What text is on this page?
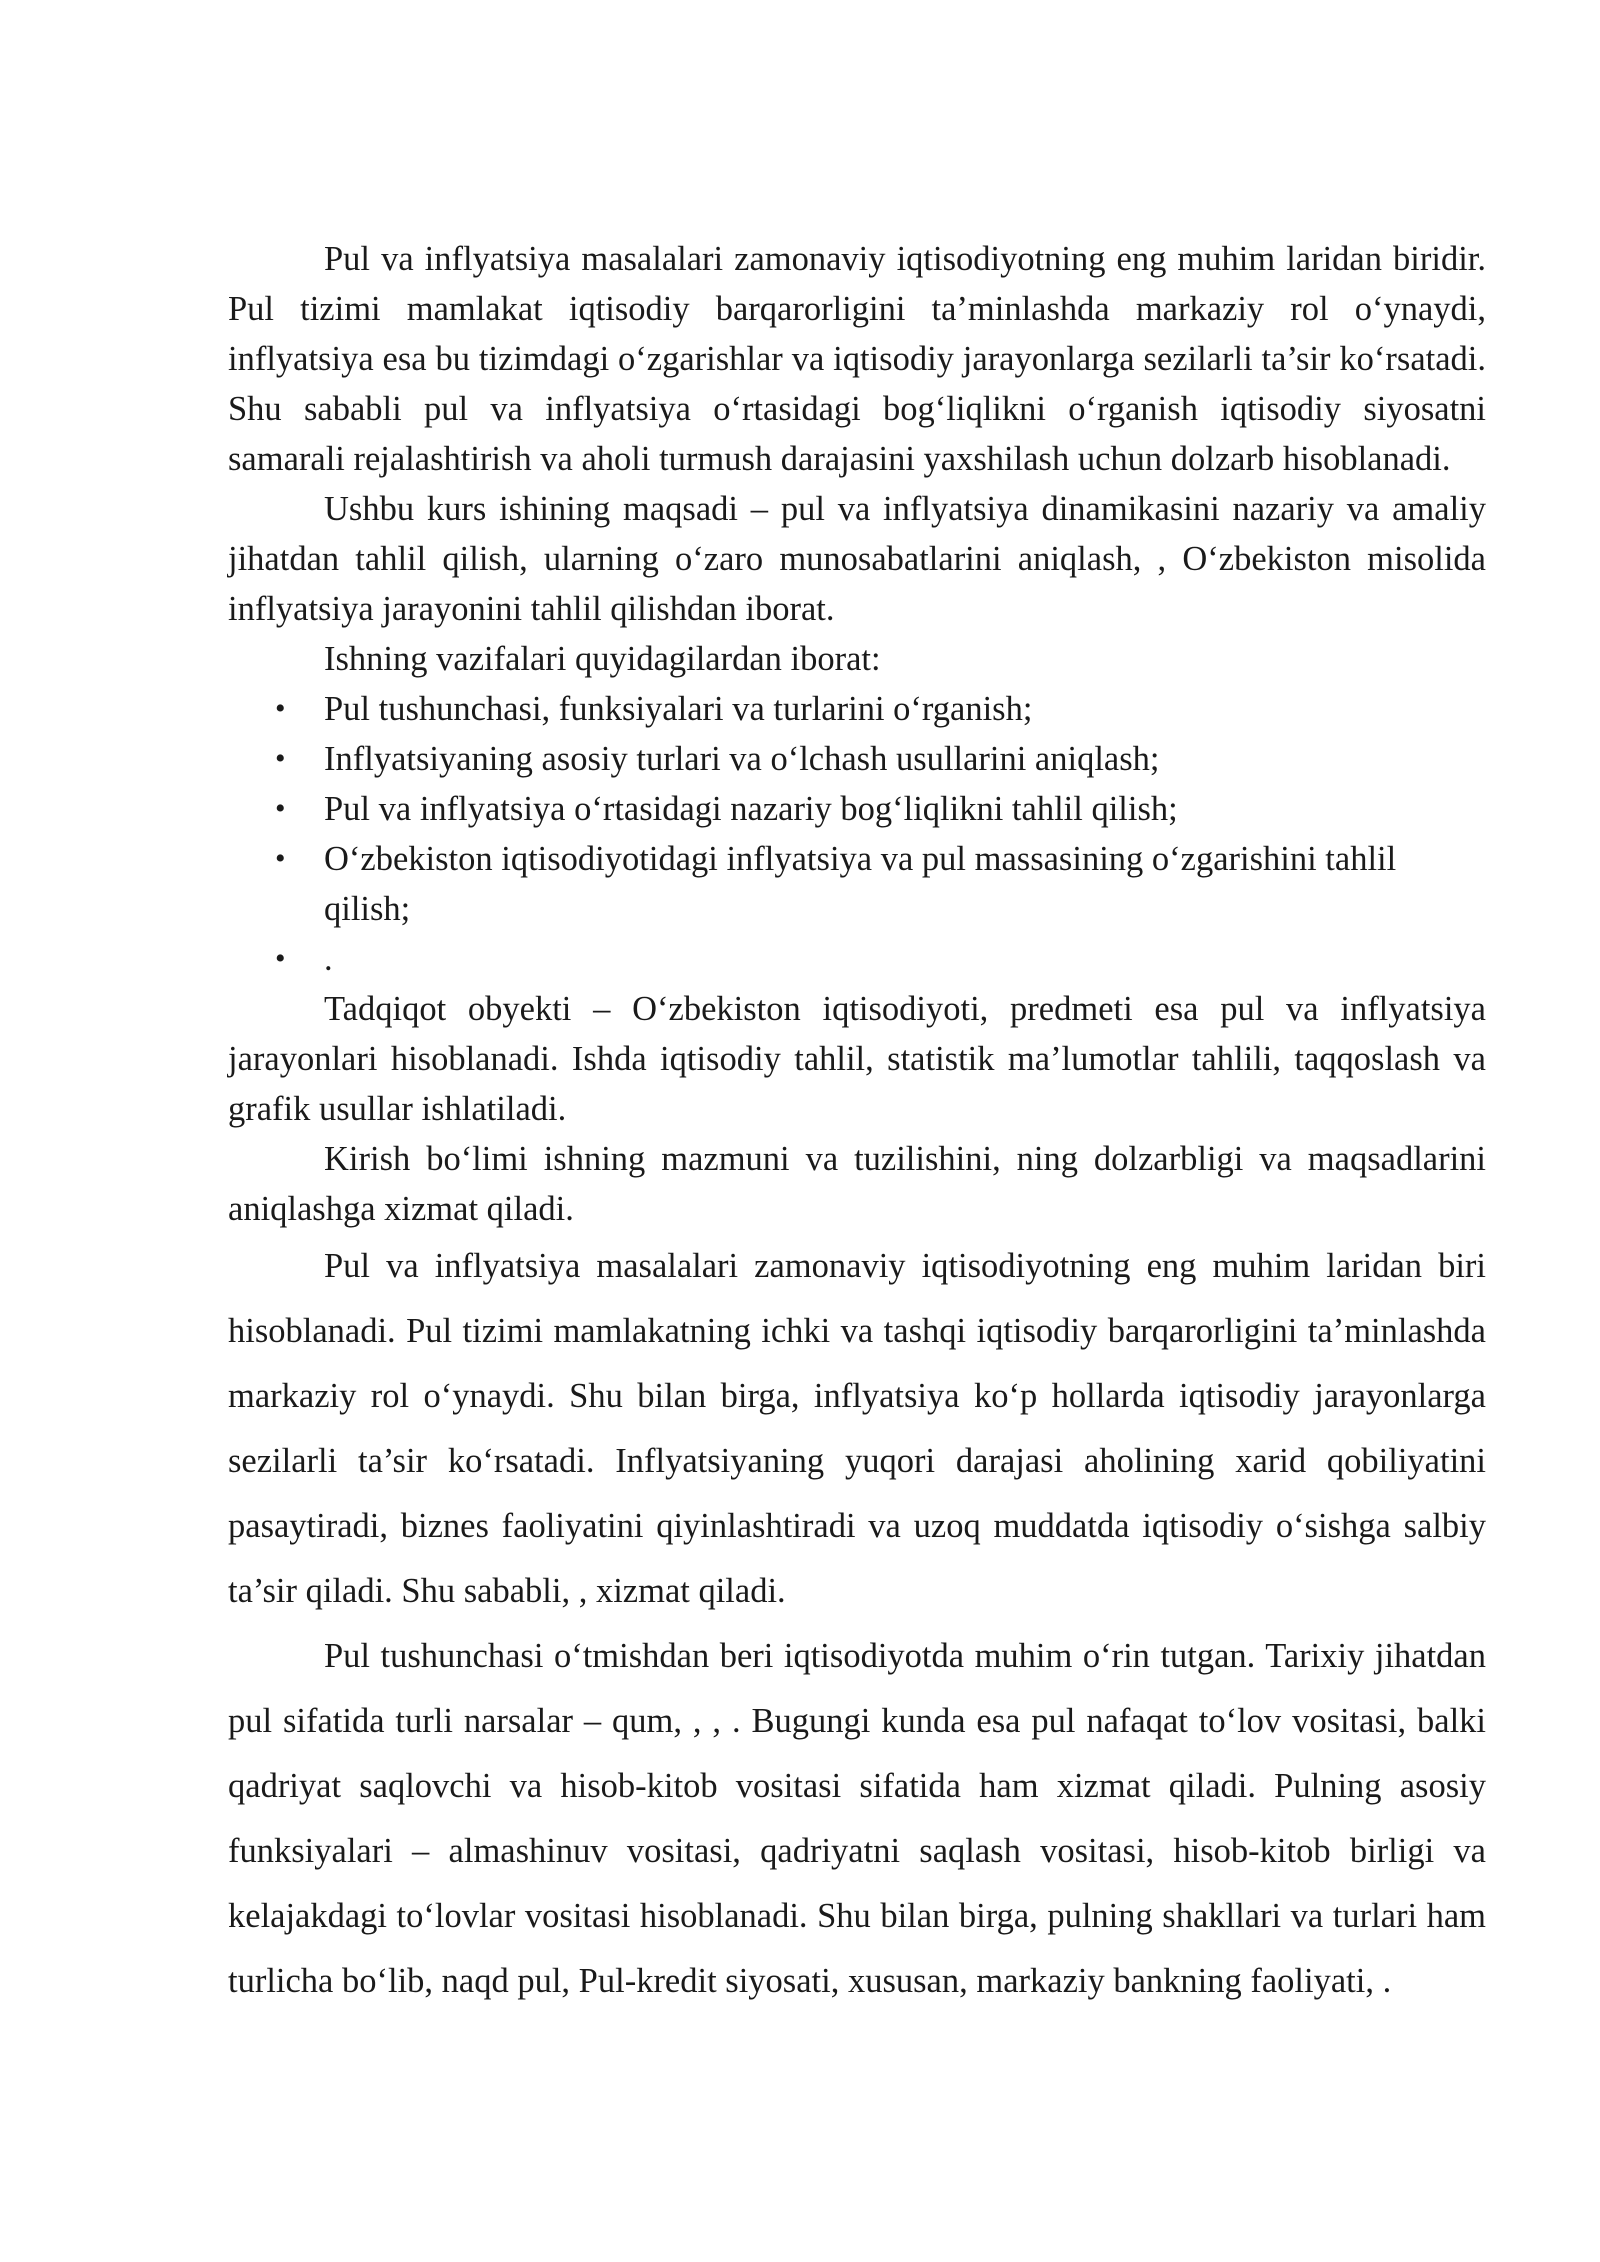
Pul va inflyatsiya masalalari zamonaviy iqtisodiyotning eng muhim laridan biridir. Pul tizimi mamlakat iqtisodiy barqarorligini ta’minlashda markaziy rol o‘ynaydi, inflyatsiya esa bu tizimdagi o‘zgarishlar va iqtisodiy jarayonlarga sezilarli ta’sir ko‘rsatadi. Shu sababli pul va inflyatsiya o‘rtasidagi bog‘liqlikni o‘rganish iqtisodiy siyosatni samarali rejalashtirish va aholi turmush darajasini yaxshilash uchun dolzarb hisoblanadi.

Ushbu kurs ishining maqsadi – pul va inflyatsiya dinamikasini nazariy va amaliy jihatdan tahlil qilish, ularning o‘zaro munosabatlarini aniqlash, , O‘zbekiston misolida inflyatsiya jarayonini tahlil qilishdan iborat.

Ishning vazifalari quyidagilardan iborat:

• Pul tushunchasi, funksiyalari va turlarini o‘rganish;
• Inflyatsiyaning asosiy turlari va o‘lchash usullarini aniqlash;
• Pul va inflyatsiya o‘rtasidagi nazariy bog‘liqlikni tahlil qilish;
• O‘zbekiston iqtisodiyotidagi inflyatsiya va pul massasining o‘zgarishini tahlil qilish;
• .

Tadqiqot obyekti – O‘zbekiston iqtisodiyoti, predmeti esa pul va inflyatsiya jarayonlari hisoblanadi. Ishda iqtisodiy tahlil, statistik ma’lumotlar tahlili, taqqoslash va grafik usullar ishlatiladi.

Kirish bo‘limi ishning mazmuni va tuzilishini, ning dolzarbligi va maqsadlarini aniqlashga xizmat qiladi.

Pul va inflyatsiya masalalari zamonaviy iqtisodiyotning eng muhim laridan biri hisoblanadi. Pul tizimi mamlakatning ichki va tashqi iqtisodiy barqarorligini ta’minlashda markaziy rol o‘ynaydi. Shu bilan birga, inflyatsiya ko‘p hollarda iqtisodiy jarayonlarga sezilarli ta’sir ko‘rsatadi. Inflyatsiyaning yuqori darajasi aholining xarid qobiliyatini pasaytiradi, biznes faoliyatini qiyinlashtiradi va uzoq muddatda iqtisodiy o‘sishga salbiy ta’sir qiladi. Shu sababli, , xizmat qiladi.

Pul tushunchasi o‘tmishdan beri iqtisodiyotda muhim o‘rin tutgan. Tarixiy jihatdan pul sifatida turli narsalar – qum, , , . Bugungi kunda esa pul nafaqat to‘lov vositasi, balki qadriyat saqlovchi va hisob-kitob vositasi sifatida ham xizmat qiladi. Pulning asosiy funksiyalari – almashinuv vositasi, qadriyatni saqlash vositasi, hisob-kitob birligi va kelajakdagi to‘lovlar vositasi hisoblanadi. Shu bilan birga, pulning shakllari va turlari ham turlicha bo‘lib, naqd pul, Pul-kredit siyosati, xususan, markaziy bankning faoliyati, .
